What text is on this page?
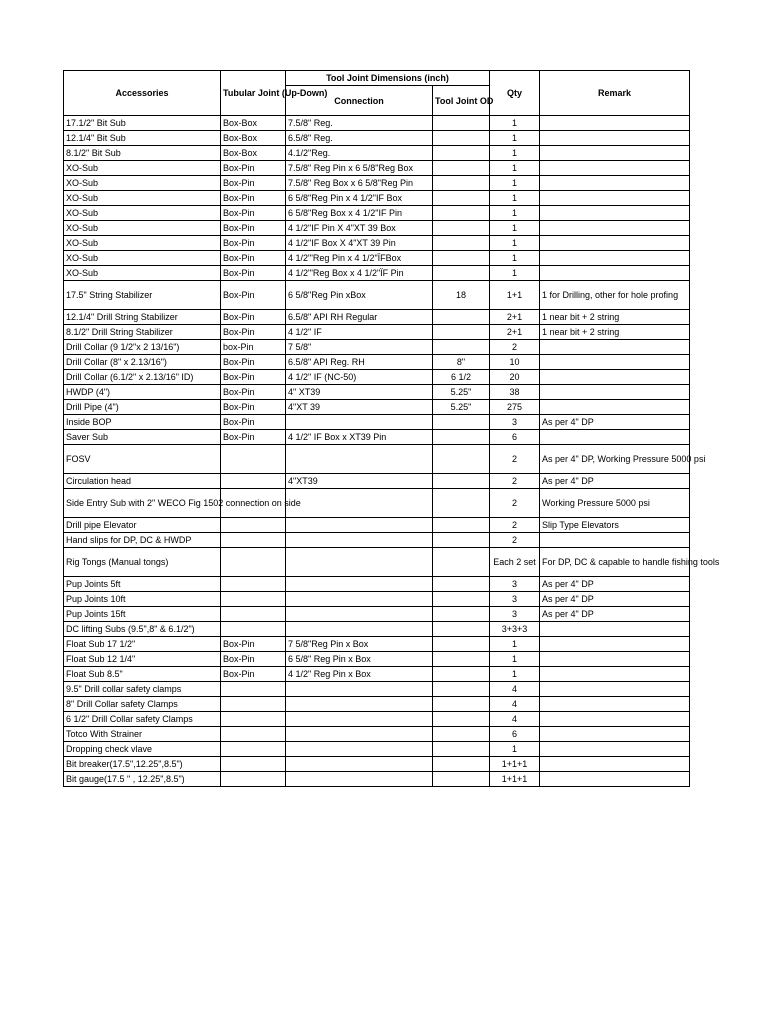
Accessories	Tubular Joint (Up-Down)	Tool Joint Dimensions (inch)		Qty	Remark
		Connection	Tool Joint OD		
17.1/2" Bit Sub	Box-Box	7.5/8" Reg.		1	
12.1/4" Bit Sub	Box-Box	6.5/8" Reg.		1	
8.1/2" Bit Sub	Box-Box	4.1/2"Reg.		1	
XO-Sub	Box-Pin	7.5/8" Reg Pin x 6 5/8"Reg Box		1	
XO-Sub	Box-Pin	7.5/8" Reg Box x 6 5/8"Reg Pin		1	
XO-Sub	Box-Pin	6 5/8"Reg Pin x 4 1/2"IF Box		1	
XO-Sub	Box-Pin	6 5/8"Reg Box x 4 1/2"IF Pin		1	
XO-Sub	Box-Pin	4 1/2"IF Pin X 4"XT 39 Box		1	
XO-Sub	Box-Pin	4 1/2"IF Box X 4"XT 39 Pin		1	
XO-Sub	Box-Pin	4 1/2"'Reg Pin x 4 1/2"ÏFBox		1	
XO-Sub	Box-Pin	4 1/2"'Reg Box x 4 1/2"ÏF Pin		1	
17.5" String Stabilizer	Box-Pin	6 5/8"Reg Pin xBox	18	1+1	1 for Drilling, other for hole profing
12.1/4" Drill String Stabilizer	Box-Pin	6.5/8" API RH Regular		2+1	1 near bit + 2 string
8.1/2" Drill String Stabilizer	Box-Pin	4 1/2" IF		2+1	1 near bit + 2 string
Drill Collar (9 1/2"x 2 13/16")	box-Pin	7 5/8"		2	
Drill Collar (8" x 2.13/16")	Box-Pin	6.5/8" API Reg. RH	8"	10	
Drill Collar (6.1/2" x 2.13/16" ID)	Box-Pin	4 1/2" IF (NC-50)	6 1/2	20	
HWDP (4")	Box-Pin	4" XT39	5.25"	38	
Drill Pipe (4")	Box-Pin	4"XT 39	5.25"	275	
Inside BOP	Box-Pin			3	As per 4" DP
Saver Sub	Box-Pin	4 1/2" IF Box x XT39 Pin		6	
FOSV				2	As per 4" DP, Working Pressure 5000 psi
Circulation head		4"XT39		2	As per 4" DP
Side Entry Sub with 2" WECO Fig 1502 connection on side				2	Working Pressure 5000 psi
Drill pipe Elevator				2	Slip Type Elevators
Hand slips for DP, DC & HWDP				2	
Rig Tongs (Manual tongs)				Each 2 set	For DP, DC & capable to handle fishing tools
Pup Joints 5ft				3	As per 4" DP
Pup Joints 10ft				3	As per 4" DP
Pup Joints 15ft				3	As per 4" DP
DC lifting Subs (9.5",8" & 6.1/2")				3+3+3	
Float Sub 17 1/2"	Box-Pin	7 5/8"Reg Pin x Box		1	
Float Sub 12 1/4"	Box-Pin	6 5/8" Reg Pin x Box		1	
Float Sub 8.5"	Box-Pin	4 1/2" Reg Pin x Box		1	
9.5" Drill collar safety clamps				4	
8" Drill Collar safety Clamps				4	
6 1/2" Drill Collar safety Clamps				4	
Totco With Strainer				6	
Dropping check vlave				1	
Bit breaker(17.5",12.25",8.5")				1+1+1	
Bit gauge(17.5 " , 12.25",8.5")				1+1+1	
